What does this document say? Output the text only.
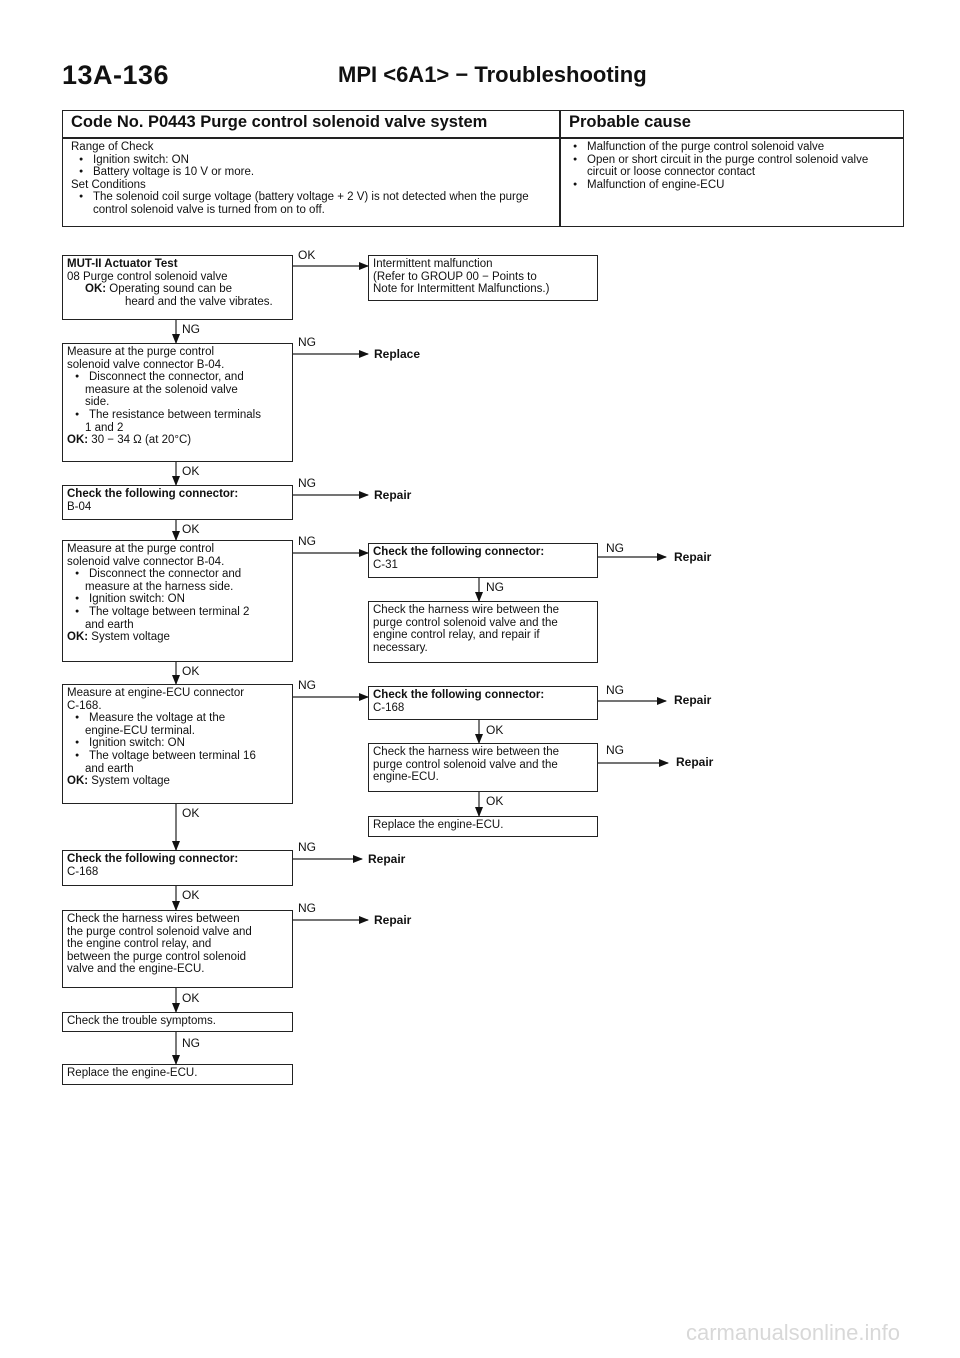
13A-136	MPI <6A1> − Troubleshooting
Code No. P0443 Purge control solenoid valve system	Probable cause

Range of Check

● Ignition switch: ON

● Battery voltage is 10 V or more.

Set Conditions

● The solenoid coil surge voltage (battery voltage + 2 V) is not detected when the purge control solenoid valve is turned from on to off.

● Malfunction of the purge control solenoid valve

● Open or short circuit in the purge control solenoid valve circuit or loose connector contact

● Malfunction of engine-ECU

OK
NG
NG
OK
NG
OK
NG	NG
NG
OK
NG	NG
OK
NG
OK
OK
NG
OK
NG
OK
NG
Replace
Repair
Repair
Repair
Repair
Repair
Repair

MUT-II Actuator Test

08 Purge control solenoid valve

OK: Operating sound can be

heard and the valve vibrates.

Intermittent malfunction

(Refer to GROUP 00 − Points to

Note for Intermittent Malfunctions.)

Measure at the purge control

solenoid valve connector B-04.

● Disconnect the connector, and

measure at the solenoid valve

side.

● The resistance between terminals

1 and 2

OK: 30 − 34 Ω (at 20°C)

Check the following connector:

B-04

Measure at the purge control

solenoid valve connector B-04.

● Disconnect the connector and

measure at the harness side.

● Ignition switch: ON

● The voltage between terminal 2

and earth

OK: System voltage

Check the following connector:

C-31

Check the harness wire between the

purge control solenoid valve and the

engine control relay, and repair if

necessary.

Measure at engine-ECU connector

C-168.

● Measure the voltage at the

engine-ECU terminal.

● Ignition switch: ON

● The voltage between terminal 16

and earth

OK: System voltage

Check the following connector:

C-168

Check the harness wire between the

purge control solenoid valve and the

engine-ECU.

Replace the engine-ECU.

Check the following connector:

C-168

Check the harness wires between

the purge control solenoid valve and

the engine control relay, and

between the purge control solenoid

valve and the engine-ECU.

Check the trouble symptoms.

Replace the engine-ECU.

carmanualsonline.info
